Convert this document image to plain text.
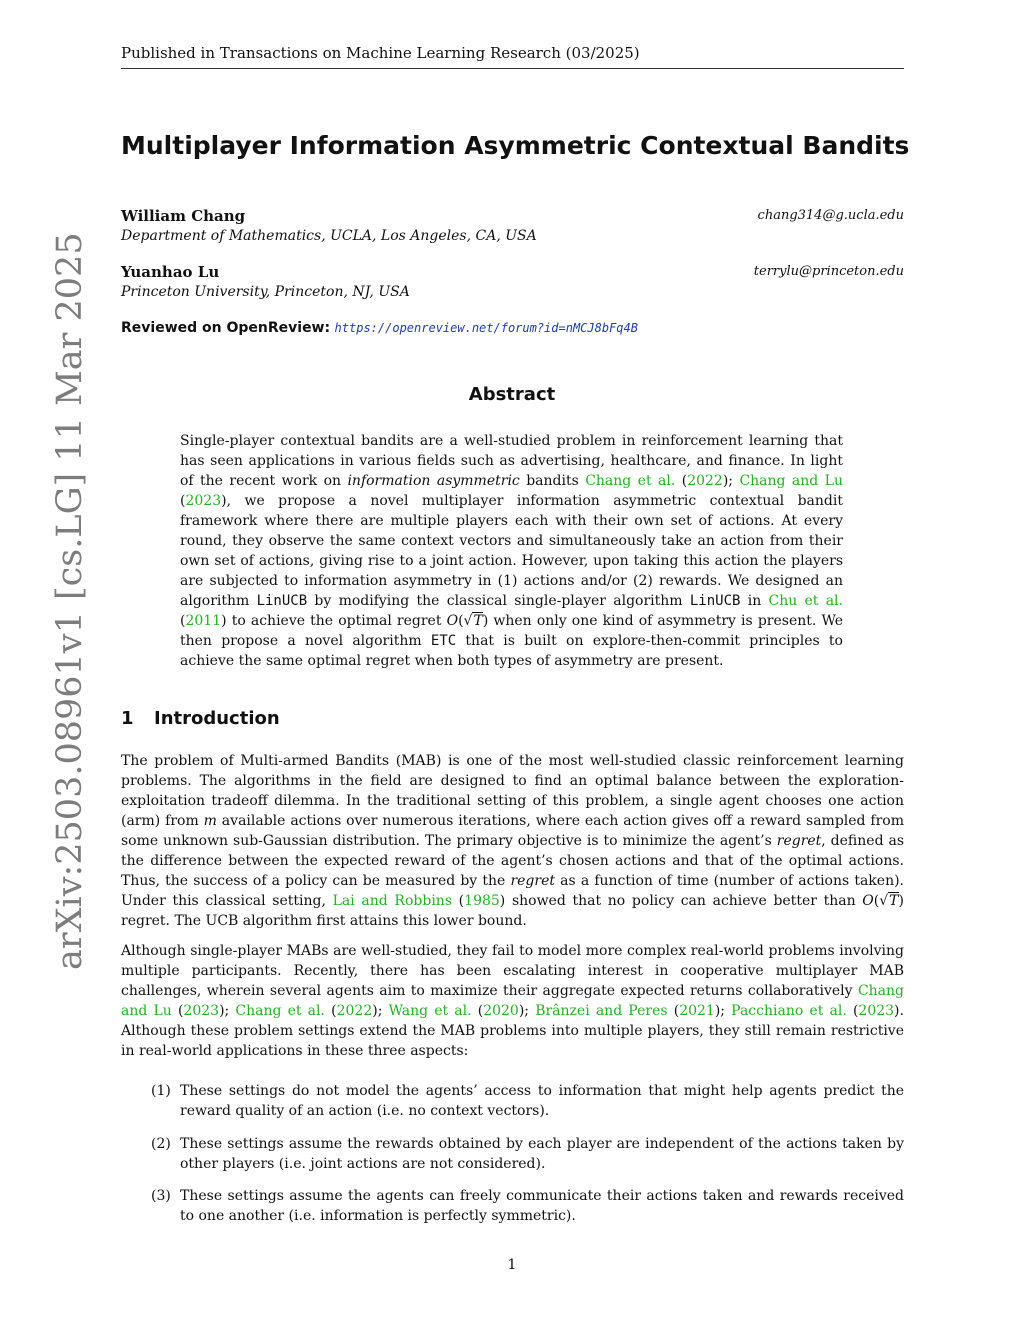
Published in Transactions on Machine Learning Research (03/2025)
arXiv:2503.08961v1 [cs.LG] 11 Mar 2025
Multiplayer Information Asymmetric Contextual Bandits
William Chang	chang314@g.ucla.edu
Department of Mathematics, UCLA, Los Angeles, CA, USA
Yuanhao Lu	terrylu@princeton.edu
Princeton University, Princeton, NJ, USA
Reviewed on OpenReview: https://openreview.net/forum?id=nMCJ8bFq4B
Abstract
Single-player contextual bandits are a well-studied problem in reinforcement learning that has seen applications in various fields such as advertising, healthcare, and finance. In light of the recent work on information asymmetric bandits Chang et al. (2022); Chang and Lu (2023), we propose a novel multiplayer information asymmetric contextual bandit framework where there are multiple players each with their own set of actions. At every round, they observe the same context vectors and simultaneously take an action from their own set of actions, giving rise to a joint action. However, upon taking this action the players are subjected to information asymmetry in (1) actions and/or (2) rewards. We designed an algorithm LinUCB by modifying the classical single-player algorithm LinUCB in Chu et al. (2011) to achieve the optimal regret O(√T) when only one kind of asymmetry is present. We then propose a novel algorithm ETC that is built on explore-then-commit principles to achieve the same optimal regret when both types of asymmetry are present.
1 Introduction
The problem of Multi-armed Bandits (MAB) is one of the most well-studied classic reinforcement learning problems. The algorithms in the field are designed to find an optimal balance between the exploration-exploitation tradeoff dilemma. In the traditional setting of this problem, a single agent chooses one action (arm) from m available actions over numerous iterations, where each action gives off a reward sampled from some unknown sub-Gaussian distribution. The primary objective is to minimize the agent’s regret, defined as the difference between the expected reward of the agent’s chosen actions and that of the optimal actions. Thus, the success of a policy can be measured by the regret as a function of time (number of actions taken). Under this classical setting, Lai and Robbins (1985) showed that no policy can achieve better than O(√T) regret. The UCB algorithm first attains this lower bound.
Although single-player MABs are well-studied, they fail to model more complex real-world problems involving multiple participants. Recently, there has been escalating interest in cooperative multiplayer MAB challenges, wherein several agents aim to maximize their aggregate expected returns collaboratively Chang and Lu (2023); Chang et al. (2022); Wang et al. (2020); Brânzei and Peres (2021); Pacchiano et al. (2023). Although these problem settings extend the MAB problems into multiple players, they still remain restrictive in real-world applications in these three aspects:
(1) These settings do not model the agents’ access to information that might help agents predict the reward quality of an action (i.e. no context vectors).
(2) These settings assume the rewards obtained by each player are independent of the actions taken by other players (i.e. joint actions are not considered).
(3) These settings assume the agents can freely communicate their actions taken and rewards received to one another (i.e. information is perfectly symmetric).
1
